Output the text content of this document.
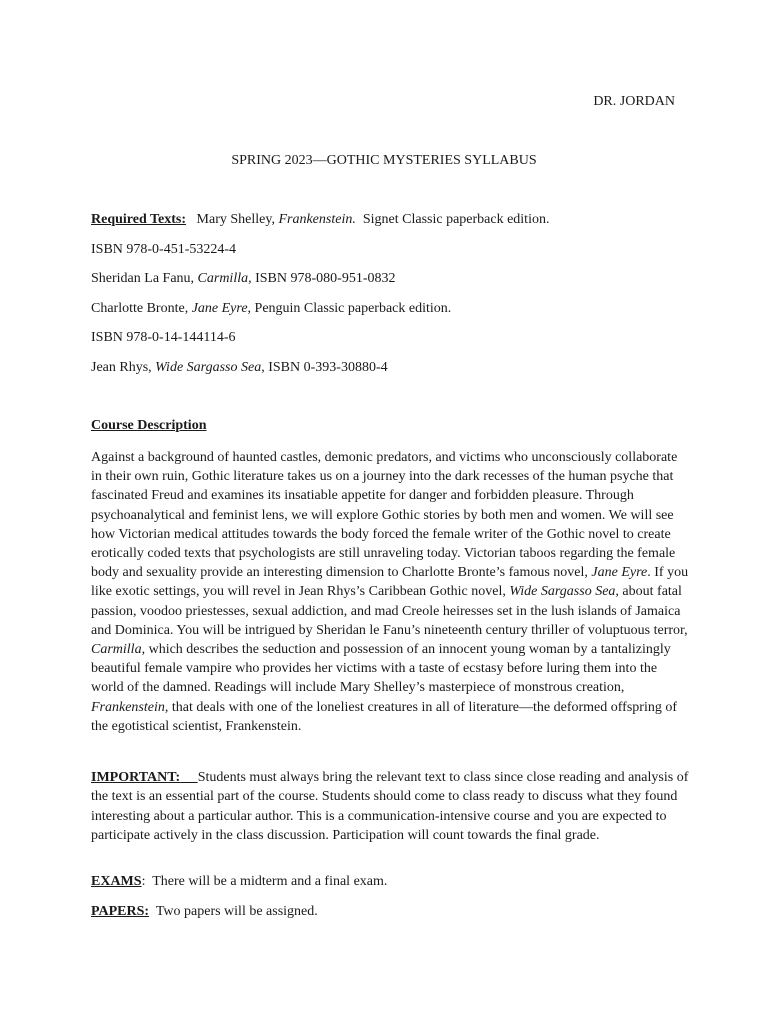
DR. JORDAN
SPRING 2023—GOTHIC MYSTERIES SYLLABUS

Required Texts: Mary Shelley, Frankenstein.  Signet Classic paperback edition.

ISBN 978-0-451-53224-4

Sheridan La Fanu, Carmilla, ISBN 978-080-951-0832

Charlotte Bronte, Jane Eyre, Penguin Classic paperback edition.

ISBN 978-0-14-144114-6

Jean Rhys, Wide Sargasso Sea, ISBN 0-393-30880-4

Course Description

Against a background of haunted castles, demonic predators, and victims who unconsciously collaborate in their own ruin, Gothic literature takes us on a journey into the dark recesses of the human psyche that fascinated Freud and examines its insatiable appetite for danger and forbidden pleasure. Through psychoanalytical and feminist lens, we will explore Gothic stories by both men and women. We will see how Victorian medical attitudes towards the body forced the female writer of the Gothic novel to create erotically coded texts that psychologists are still unraveling today. Victorian taboos regarding the female body and sexuality provide an interesting dimension to Charlotte Bronte’s famous novel, Jane Eyre. If you like exotic settings, you will revel in Jean Rhys’s Caribbean Gothic novel, Wide Sargasso Sea, about fatal passion, voodoo priestesses, sexual addiction, and mad Creole heiresses set in the lush islands of Jamaica and Dominica. You will be intrigued by Sheridan le Fanu’s nineteenth century thriller of voluptuous terror, Carmilla, which describes the seduction and possession of an innocent young woman by a tantalizingly beautiful female vampire who provides her victims with a taste of ecstasy before luring them into the world of the damned. Readings will include Mary Shelley’s masterpiece of monstrous creation, Frankenstein, that deals with one of the loneliest creatures in all of literature—the deformed offspring of the egotistical scientist, Frankenstein.

IMPORTANT: Students must always bring the relevant text to class since close reading and analysis of the text is an essential part of the course. Students should come to class ready to discuss what they found interesting about a particular author. This is a communication-intensive course and you are expected to participate actively in the class discussion. Participation will count towards the final grade.

EXAMS:  There will be a midterm and a final exam.

PAPERS:  Two papers will be assigned.
